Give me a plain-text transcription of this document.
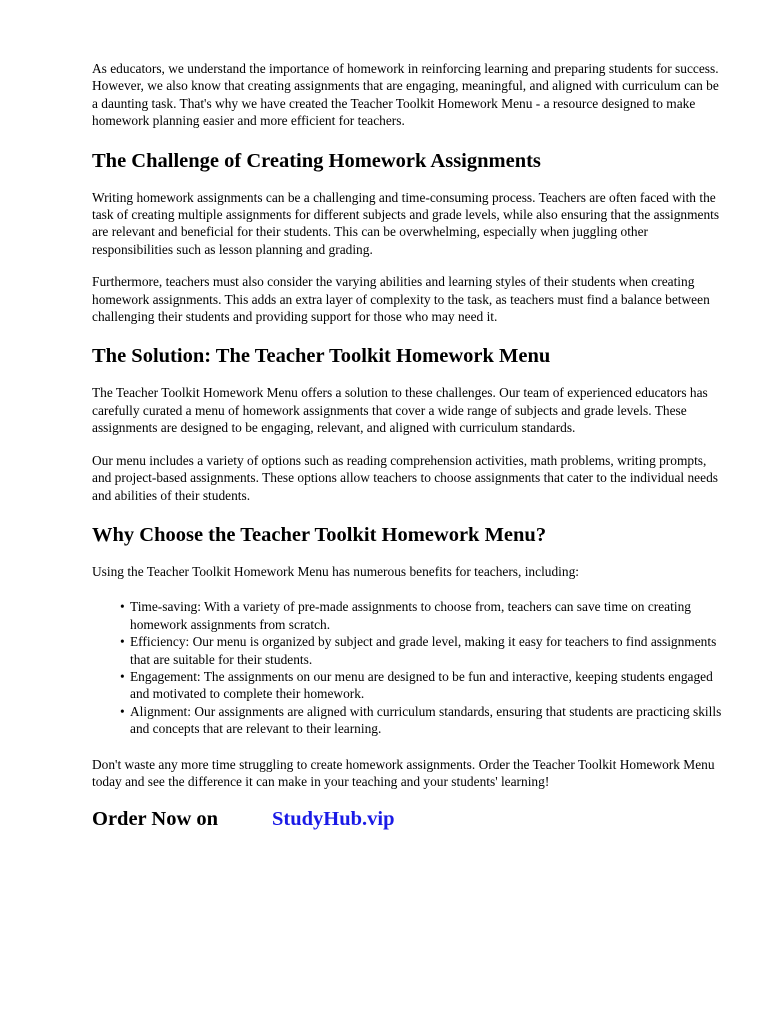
As educators, we understand the importance of homework in reinforcing learning and preparing students for success. However, we also know that creating assignments that are engaging, meaningful, and aligned with curriculum can be a daunting task. That's why we have created the Teacher Toolkit Homework Menu - a resource designed to make homework planning easier and more efficient for teachers.

The Challenge of Creating Homework Assignments

Writing homework assignments can be a challenging and time-consuming process. Teachers are often faced with the task of creating multiple assignments for different subjects and grade levels, while also ensuring that the assignments are relevant and beneficial for their students. This can be overwhelming, especially when juggling other responsibilities such as lesson planning and grading.

Furthermore, teachers must also consider the varying abilities and learning styles of their students when creating homework assignments. This adds an extra layer of complexity to the task, as teachers must find a balance between challenging their students and providing support for those who may need it.

The Solution: The Teacher Toolkit Homework Menu

The Teacher Toolkit Homework Menu offers a solution to these challenges. Our team of experienced educators has carefully curated a menu of homework assignments that cover a wide range of subjects and grade levels. These assignments are designed to be engaging, relevant, and aligned with curriculum standards.

Our menu includes a variety of options such as reading comprehension activities, math problems, writing prompts, and project-based assignments. These options allow teachers to choose assignments that cater to the individual needs and abilities of their students.

Why Choose the Teacher Toolkit Homework Menu?

Using the Teacher Toolkit Homework Menu has numerous benefits for teachers, including:

• Time-saving: With a variety of pre-made assignments to choose from, teachers can save time on creating homework assignments from scratch.
• Efficiency: Our menu is organized by subject and grade level, making it easy for teachers to find assignments that are suitable for their students.
• Engagement: The assignments on our menu are designed to be fun and interactive, keeping students engaged and motivated to complete their homework.
• Alignment: Our assignments are aligned with curriculum standards, ensuring that students are practicing skills and concepts that are relevant to their learning.

Don't waste any more time struggling to create homework assignments. Order the Teacher Toolkit Homework Menu today and see the difference it can make in your teaching and your students' learning!

Order Now on	StudyHub.vip
